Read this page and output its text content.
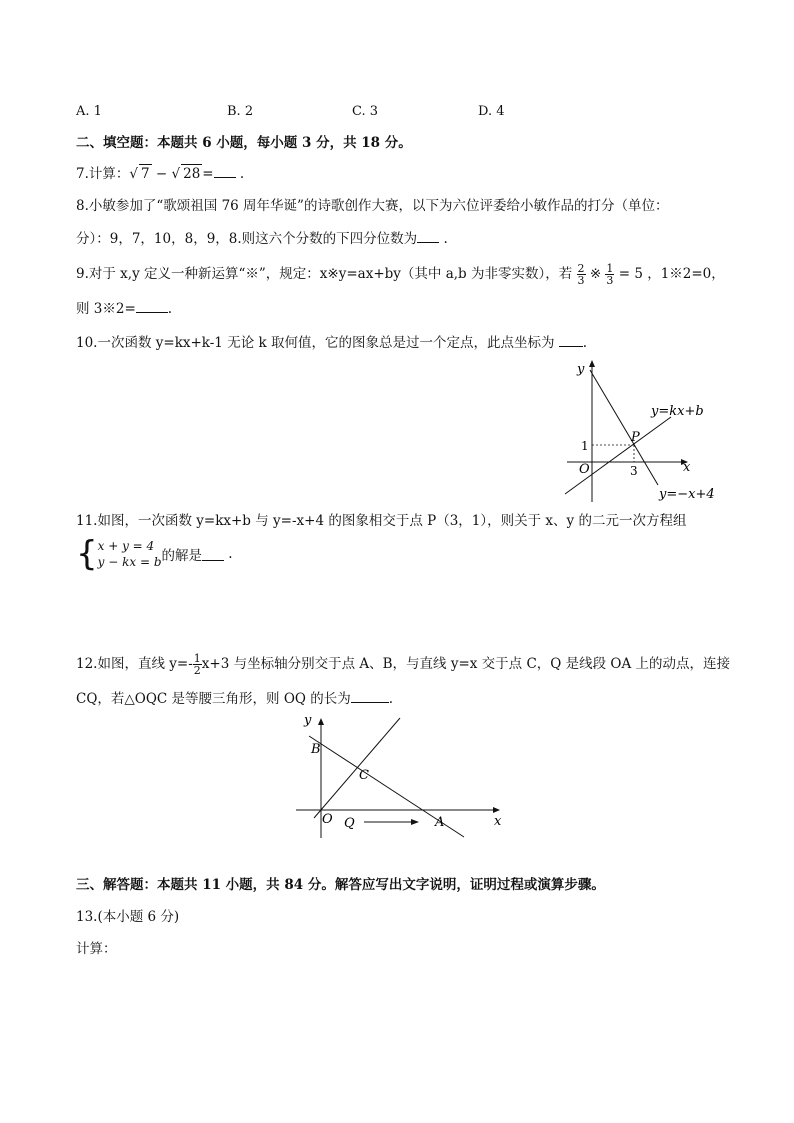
A. 1	B. 2	C. 3	D. 4
二、填空题：本题共 6 小题，每小题 3 分，共 18 分。
7.计算：√ 7 − √ 28 = .
8.小敏参加了“歌颂祖国 76 周年华诞”的诗歌创作大赛，以下为六位评委给小敏作品的打分（单位：
分）：9，7，10，8，9，8.则这六个分数的下四分位数为 .
9.对于 x,y 定义一种新运算“※”，规定：x※y=ax+by（其中 a,b 为非零实数），若 $\frac{2}{3}$ ※ $\frac{1}{3} = 5$ ，1※2=0，
则 3※2= .
10.一次函数 y=kx+k-1 无论 k 取何值，它的图象总是过一个定点，此点坐标为 .
y
x
O
P
1
3
y=kx+b
y=−x+4
11.如图，一次函数 y=kx+b 与 y=-x+4 的图象相交于点 P（3，1），则关于 x、y 的二元一次方程组
{ x + y = 4
y − kx = b 的解是 .
12.如图，直线 $y=- \frac{1}{2} x+3$ 与坐标轴分别交于点 A、B，与直线 y=x 交于点 C，Q 是线段 OA 上的动点，连接
CQ，若△OQC 是等腰三角形，则 OQ 的长为	.
y
x
O
B
C
Q	A
三、解答题：本题共 11 小题，共 84 分。解答应写出文字说明，证明过程或演算步骤。
13.(本小题 6 分)
计算：
